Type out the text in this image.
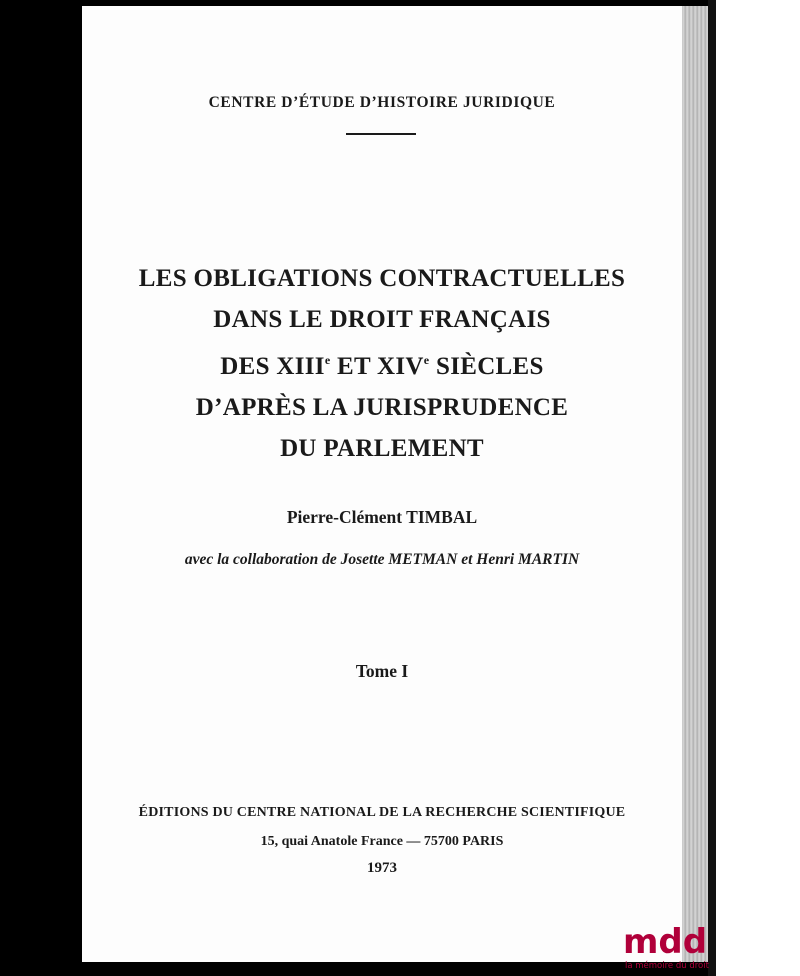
CENTRE D’ÉTUDE D’HISTOIRE JURIDIQUE
LES OBLIGATIONS CONTRACTUELLES
DANS LE DROIT FRANÇAIS
DES XIIIe ET XIVe SIÈCLES
D’APRÈS LA JURISPRUDENCE
DU PARLEMENT
Pierre-Clément TIMBAL
avec la collaboration de Josette METMAN et Henri MARTIN
Tome I
ÉDITIONS DU CENTRE NATIONAL DE LA RECHERCHE SCIENTIFIQUE
15, quai Anatole France — 75700 PARIS
1973
mdd
la mémoire du droit
